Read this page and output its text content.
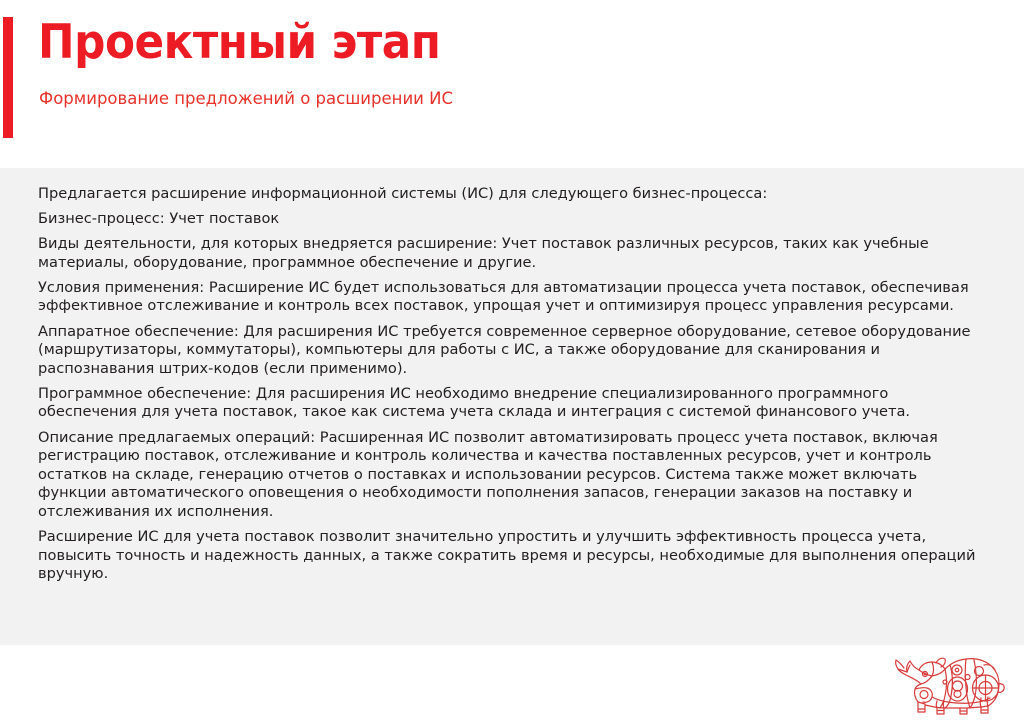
Проектный этап
Формирование предложений о расширении ИС

Предлагается расширение информационной системы (ИС) для следующего бизнес-процесса:

Бизнес-процесс: Учет поставок

Виды деятельности, для которых внедряется расширение: Учет поставок различных ресурсов, таких как учебные материалы, оборудование, программное обеспечение и другие.

Условия применения: Расширение ИС будет использоваться для автоматизации процесса учета поставок, обеспечивая эффективное отслеживание и контроль всех поставок, упрощая учет и оптимизируя процесс управления ресурсами.

Аппаратное обеспечение: Для расширения ИС требуется современное серверное оборудование, сетевое оборудование (маршрутизаторы, коммутаторы), компьютеры для работы с ИС, а также оборудование для сканирования и распознавания штрих-кодов (если применимо).

Программное обеспечение: Для расширения ИС необходимо внедрение специализированного программного обеспечения для учета поставок, такое как система учета склада и интеграция с системой финансового учета.

Описание предлагаемых операций: Расширенная ИС позволит автоматизировать процесс учета поставок, включая регистрацию поставок, отслеживание и контроль количества и качества поставленных ресурсов, учет и контроль остатков на складе, генерацию отчетов о поставках и использовании ресурсов. Система также может включать функции автоматического оповещения о необходимости пополнения запасов, генерации заказов на поставку и отслеживания их исполнения.

Расширение ИС для учета поставок позволит значительно упростить и улучшить эффективность процесса учета, повысить точность и надежность данных, а также сократить время и ресурсы, необходимые для выполнения операций вручную.
